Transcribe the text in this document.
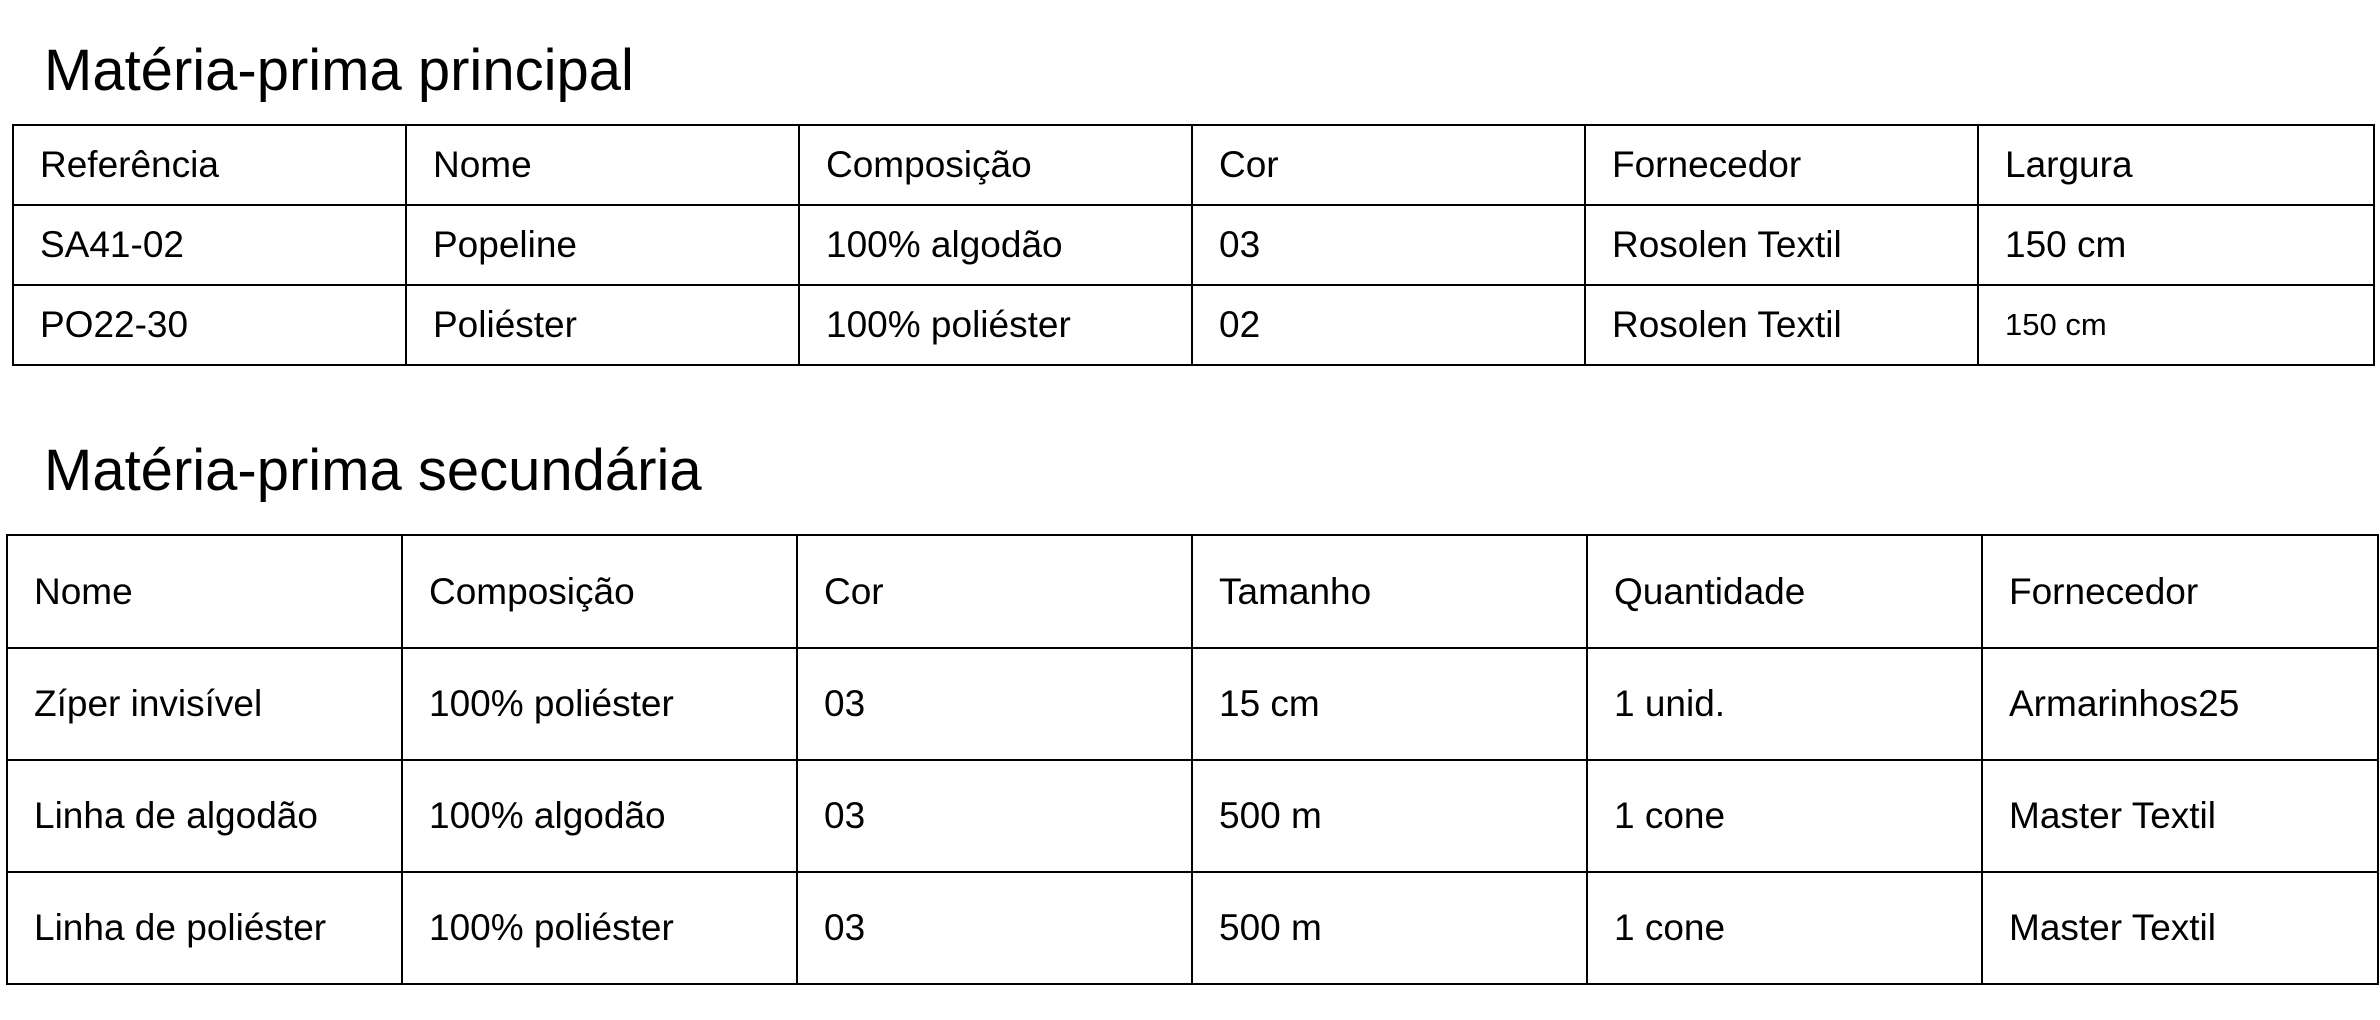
Matéria-prima principal
Referência	Nome	Composição	Cor	Fornecedor	Largura
SA41-02	Popeline	100% algodão	03	Rosolen Textil	150 cm
PO22-30	Poliéster	100% poliéster	02	Rosolen Textil	150 cm
Matéria-prima secundária
Nome	Composição	Cor	Tamanho	Quantidade	Fornecedor
Zíper invisível	100% poliéster	03	15 cm	1 unid.	Armarinhos25
Linha de algodão	100% algodão	03	500 m	1 cone	Master Textil
Linha de poliéster	100% poliéster	03	500 m	1 cone	Master Textil
